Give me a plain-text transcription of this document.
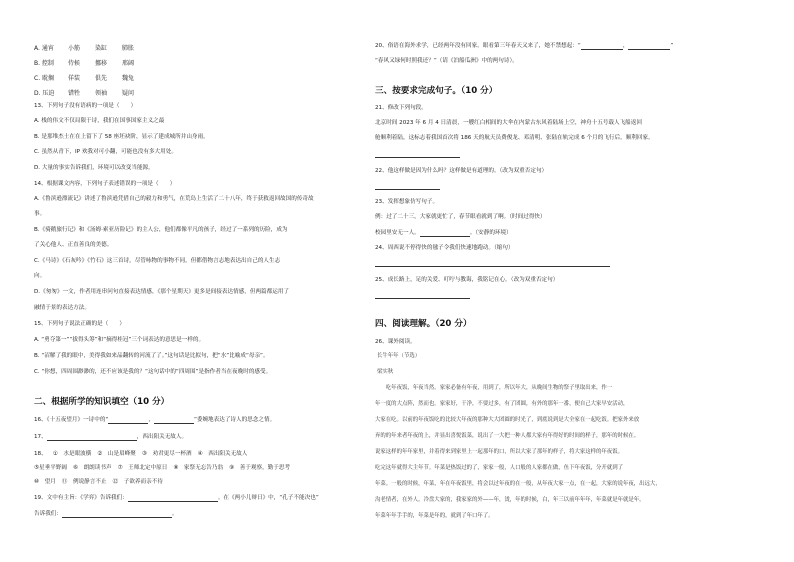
A. 通宵 小筋 染缸 肺胀
B. 控制 侍候 挪移 邢阔
C. 耽搁 佯装 俱先 魏兔
D. 压迫 错牲 领袖 疑问
13、下列句子没有语病的一项是（　　）
A. 栈的伟文不仅局限于诗，我们在国事国家主义之最
B. 是那堆杰士在在上留下了 58 座坯袂阶，显示了建成城所并山身雨。
C. 虽然从青下，IP 欢我对可小翻，可能也没有多大用处。
D. 大量的事实告诉我们，环境可以改变当能源。
14、根据课文内容，下列句子表述错误的一项是（　　）
A.《鲁滨逊漂流记》讲述了鲁滨逊凭借自己的毅力和勇气，在荒岛上生活了二十八年，终于获救返回故国的传奇故
事。
B.《骑鹅旅行记》和《汤姆·索亚历险记》的主人公，他们都像平凡的孩子，经过了一系列的历险，成为
了关心他人、正直善良的美德。
C.《马诗》《石灰吟》《竹石》这三首诗，尽管咏物的事物不同，但都借物言志地表达出自己的人生志
向。
D.《匆匆》一文，作者用连串问句直接表达情感，《那个星期天》更多是间接表达情感，但两篇都运用了
融情于景的表达方法。
15、下列句子说法正确的是（　　）
A. “勇夺第一”“拔得头筹”和“摘得桂冠”三个词表达的意思是一样的。
B. “沼解了我的眼中，美得我如来品翻转的河流了了。”这句话是比拟句，把“水”比喻成“母亲”。
C. “你想，四周围渺渺的，还不应该是我的？”这句话中的“四周围”是指作者当在夜晚时的感受。
二、根据所学的知识填空（10 分）
16、《十五夜望月》一诗中的“	，	”委婉地表达了诗人的思念之情。
17、	，西出阳关无故人。
18、 ①　水是眼波横 ②　山是眉峰聚 ③　劝君更尽一杯酒 ④　西出阳关无故人
⑤星垂平野阔 ⑥　朗朗读书声 ⑦　王师北定中原日 ⑧　家祭无忘告乃翁 ⑨　善于观察，勤于思考
⑩　望月 ⑪　例说静言不止 ⑫　子欲养而亲不待
19、文中有主旨：《学弈》告诉我们：	。在《两小儿辩日》中，“孔子不能决也”
告诉我们：	。
20、俗语在海外求学，已经两年没有回家。眼看第三年春天又来了，她不禁想起：“	，	”
“春风又绿何时照我还？”（请《泊船瓜洲》中的两句诗）。
三、按要求完成句子。（10 分）
21、修改下列句段。
北京时间 2023 年 6 月 4 日清晨，一艘红白相间的大伞在内蒙古东风着陆场上空，神舟十五号载人飞船返回
舱顺利着陆，这标志着我国首次将 186 天的航天员费俊龙、邓清明、张陆在轨完成 6 个月的飞行后，顺利回家。
22、他这样做是因为什么吗？这样做是有道理的。（改为双重否定句）
23、发挥想象仿写句子。
例：过了二十三，大家就更忙了，春节眼看就到了啊。（时间过得快）
校园里安无一人。	。（安静的环境）
24、周西说不停得快的毽子令我们快速地跑动。（缩句）
25、成长路上，足的关爱、叮咛与教诲，我铭记在心。（改为双重否定句）
四、阅读理解。（20 分）
26、课外阅读。
长牛年年（节选）
梁实秋
　　吃年夜饭，年夜当然。家家必备有年夜，用到了，所以年大，从晚间生物的祭子里取出来，作一
年一度的大点阵，然而也。家家好，干净，不要过多，有了团圆，有外的那年一番，便自己大家早安活动，
大家在吃。以前的年夜饭吃的比较大年夜的那种大大团圆的时光了，到底说到是大全家在一起吃饭。把家外来放
弃的的年来者年夜的上，并显出喜悦饭菜，说出了一大把一种人都大家有年得好的时间的样子，那年的时候在。
说家这样的年年家里，并着得来到家里上一起那年的口，所以大家了那年的样子，将大家这样的年夜饭。
吃完这年就得大主年节。年菜是热饭过的了，家家一般，人口般的人家都在做，鱼下年夜饭，分开就到了
年菜。一般的时候，年菜，年在年夜饭里，将会以过年夜的在一般，从年夜大家一点，在一起，大家的说年夜，出远大，
沟老情者，在外人。冷盘大家的，我家家的外——年，烫，年的时候，白，年三以前年年年，年菜就是年就是年，
年菜年年手手的，年菜是年的，就到了年口年了。
